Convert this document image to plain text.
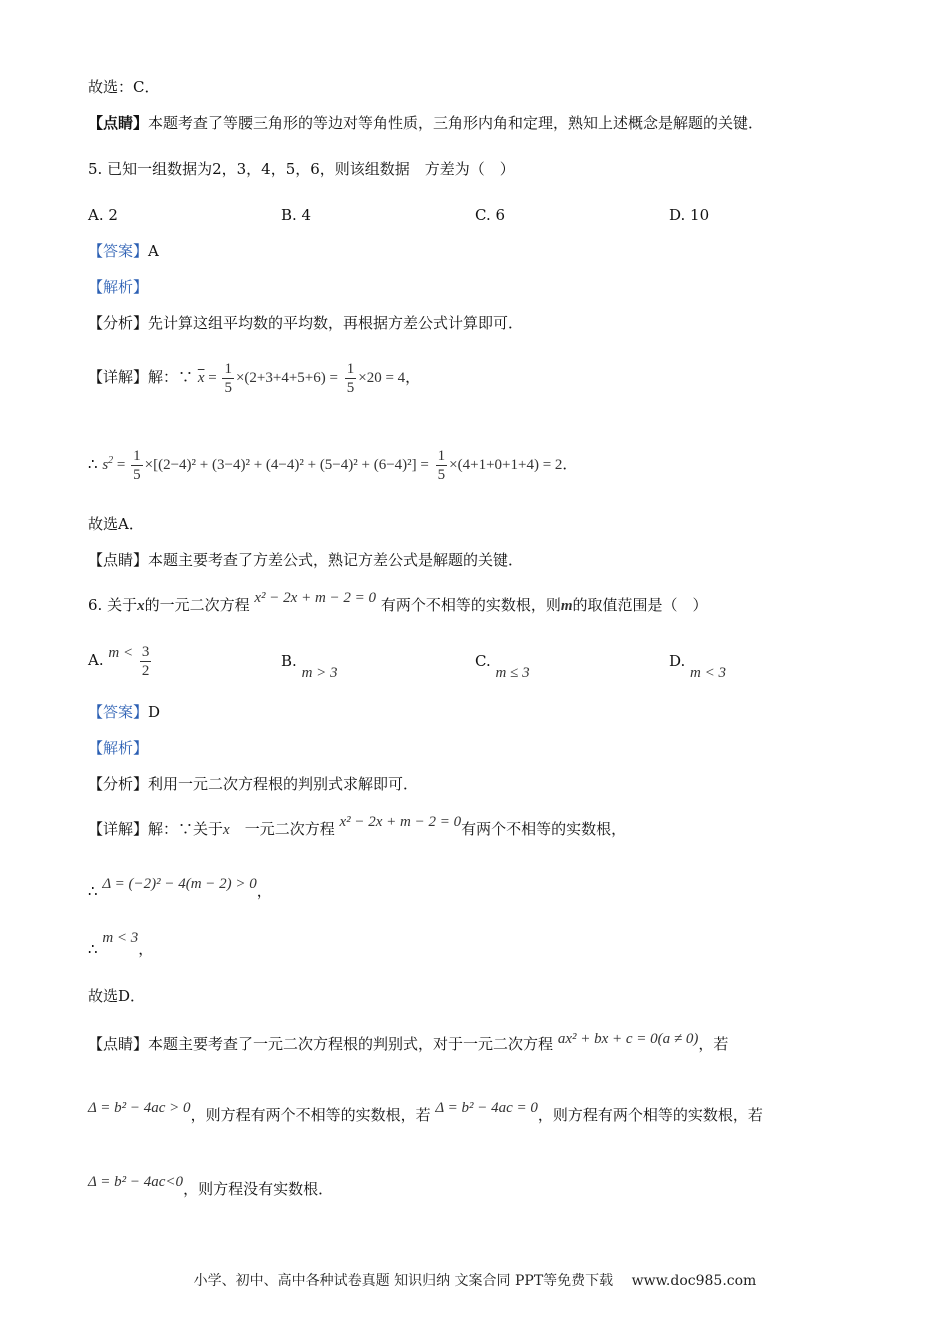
故选：C．
【点睛】本题考查了等腰三角形的等边对等角性质，三角形内角和定理，熟知上述概念是解题的关键．
5. 已知一组数据为2，3，4，5，6，则该组数据　方差为（　）
A. 2	B. 4	C. 6	D. 10
【答案】A
【解析】
【分析】先计算这组平均数的平均数，再根据方差公式计算即可．
【详解】解：∵ $\overline{x} = \frac{1}{5} \times(2+3+4+5+6) = \frac{1}{5} \times 20 = 4$，
∴ $s^2 = \frac{1}{5} \times[(2-4)^2 + (3-4)^2 + (4-4)^2 + (5-4)^2 + (6-4)^2] = \frac{1}{5} \times(4+1+0+1+4) = 2$．
故选A．
【点睛】本题主要考查了方差公式，熟记方差公式是解题的关键．
6. 关于x的一元二次方程 x² − 2x + m − 2 = 0 有两个不相等的实数根，则m的取值范围是（　）
A. $m < \frac{3}{2}$	B. m > 3
C. m ≤ 3
D. m < 3
【答案】D
【解析】
【分析】利用一元二次方程根的判别式求解即可．
【详解】解：∵关于x　一元二次方程 x² − 2x + m − 2 = 0有两个不相等的实数根，
∴ Δ = (−2)² − 4(m − 2) > 0，
∴ m < 3，
故选D．
【点睛】本题主要考查了一元二次方程根的判别式，对于一元二次方程 ax² + bx + c = 0(a ≠ 0)，若
Δ = b² − 4ac > 0，则方程有两个不相等的实数根，若 Δ = b² − 4ac = 0，则方程有两个相等的实数根，若
Δ = b² − 4ac<0，则方程没有实数根．
小学、初中、高中各种试卷真题 知识归纳 文案合同 PPT等免费下载　 www.doc985.com
